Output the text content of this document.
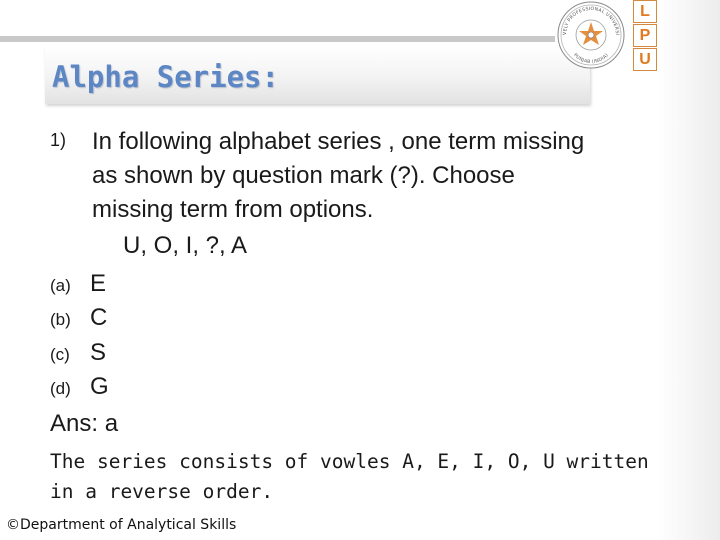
Alpha Series:
VELY PROFESSIONAL UNIVERSI
PUNJAB (INDIA)
L
P
U
1) In following alphabet series , one term missing
as shown by question mark (?). Choose
missing term from options.
U, O, I, ?, A
(a) E
(b) C
(c) S
(d) G
Ans: a
The series consists of vowles A, E, I, O, U written
in a reverse order.
©Department of Analytical Skills
